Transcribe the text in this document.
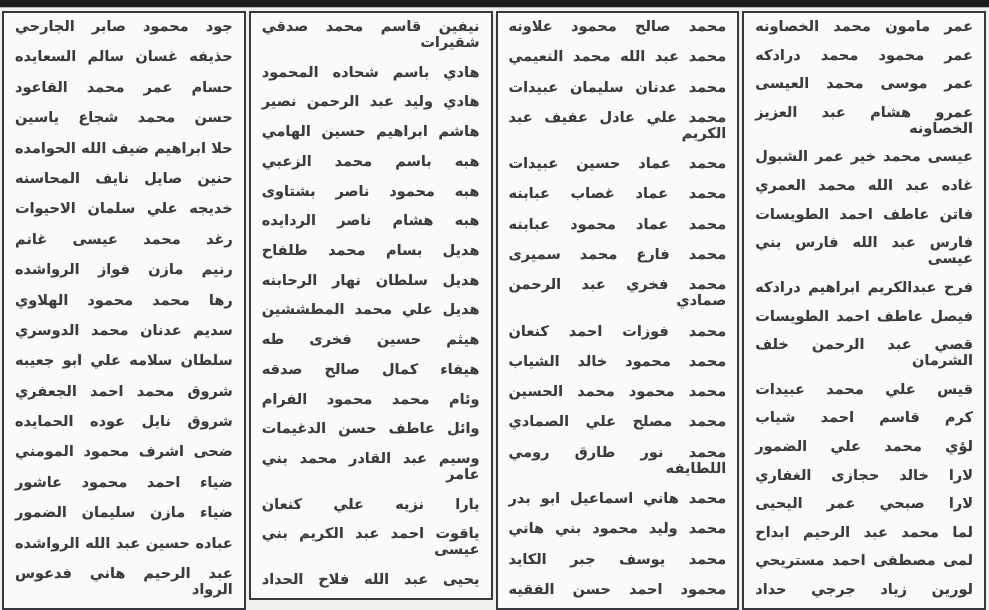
عمر مامون محمد الخصاونه
عمر محمود محمد درادكه
عمر موسى محمد العيسى
عمرو هشام عبد العزيز الخصاونه
عيسى محمد خير عمر الشبول
غاده عبد الله محمد العمري
فاتن عاطف احمد الطويسات
فارس عبد الله فارس بني عيسى
فرح عبدالكريم ابراهيم درادكه
فيصل عاطف احمد الطويسات
قصي عبد الرحمن خلف الشرمان
قيس علي محمد عبيدات
كرم قاسم احمد شياب
لؤي محمد علي الضمور
لارا خالد حجازى الغفاري
لارا صبحي عمر اليحيى
لما محمد عبد الرحيم ابداح
لمى مصطفى احمد مستريحي
لورين زياد جرجي حداد
محمد صالح محمود علاونه
محمد عبد الله محمد النعيمي
محمد عدنان سليمان عبيدات
محمد علي عادل عفيف عبد الكريم
محمد عماد حسين عبيدات
محمد عماد غصاب عبابنه
محمد عماد محمود عبابنه
محمد فارع محمد سميرى
محمد فخري عبد الرحمن صمادي
محمد فوزات احمد كنعان
محمد محمود خالد الشياب
محمد محمود محمد الحسين
محمد مصلح علي الصمادي
محمد نور طارق رومي اللطايفه
محمد هاني اسماعيل ابو بدر
محمد وليد محمود بني هاني
محمد يوسف جبر الكايد
محمود احمد حسن الفقيه
نيفين قاسم محمد صدقي شقيرات
هادي باسم شحاده المحمود
هادي وليد عبد الرحمن نصير
هاشم ابراهيم حسين الهامي
هبه باسم محمد الزعبي
هبه محمود ناصر بشتاوى
هبه هشام ناصر الردايده
هديل بسام محمد طلفاح
هديل سلطان نهار الرحابنه
هديل علي محمد المطششين
هيثم حسين فخرى طه
هيفاء كمال صالح صدقه
وئام محمد محمود الفرام
وائل عاطف حسن الدغيمات
وسيم عبد القادر محمد بني عامر
يارا نزيه علي كنعان
ياقوت احمد عبد الكريم بني عيسى
يحيى عبد الله فلاح الحداد
جود محمود صابر الجارحي
حذيفه غسان سالم السعايده
حسام عمر محمد القاعود
حسن محمد شجاع ياسين
حلا ابراهيم ضيف الله الحوامده
حنين صايل نايف المحاسنه
خديجه علي سلمان الاحيوات
رغد محمد عيسى غانم
رنيم مازن فواز الرواشده
رها محمد محمود الهلاوي
سديم عدنان محمد الدوسري
سلطان سلامه علي ابو جعيبه
شروق محمد احمد الجعفري
شروق نايل عوده الحمايده
ضحى اشرف محمود المومني
ضياء احمد محمود عاشور
ضياء مازن سليمان الضمور
عباده حسين عبد الله الرواشده
عبد الرحيم هاني فدعوس الرواد
